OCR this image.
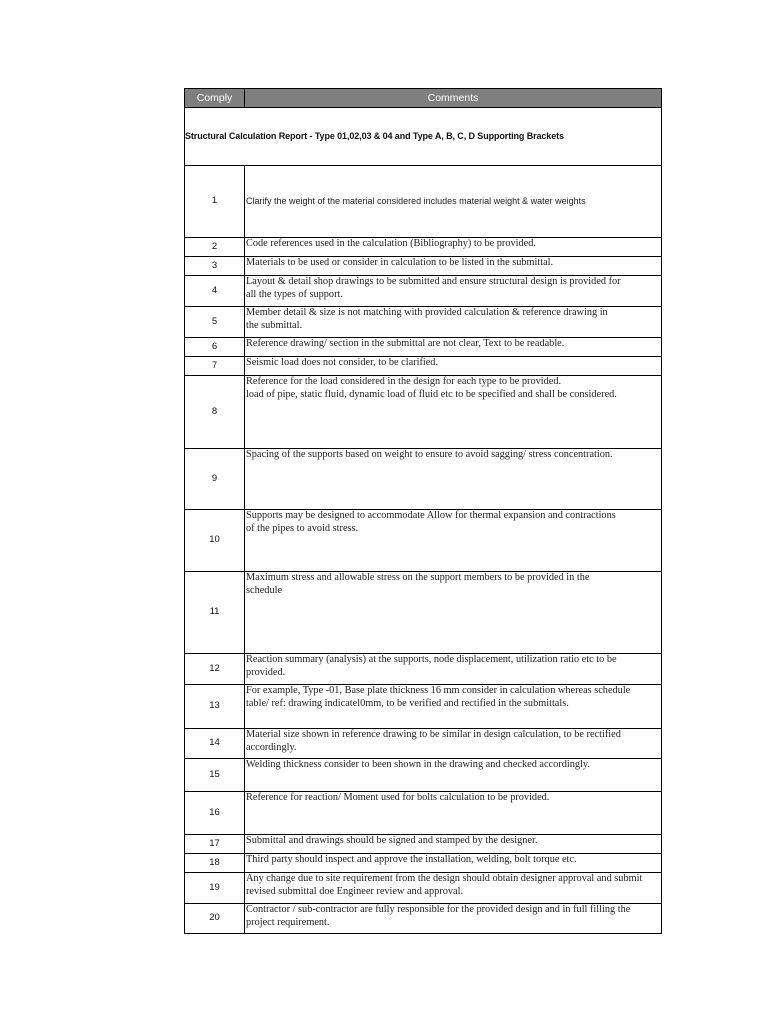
Comply	Comments
Structural Calculation Report - Type 01,02,03 & 04 and Type A, B, C, D Supporting Brackets	
1	Clarify the weight of the material considered includes material weight & water weights

2	Code references used in the calculation (Bibliography) to be provided.

3	Materials to be used or consider in calculation to be listed in the submittal.

4	Layout & detail shop drawings to be submitted and ensure structural design is provided for
all the types of support.

5	Member detail & size is not matching with provided calculation & reference drawing in
the submittal.

6	Reference drawing/ section in the submittal are not clear, Text to be readable.

7	Seismic load does not consider, to be clarified.

8	Reference for the load considered in the design for each type to be provided.
load of pipe, static fluid, dynamic load of fluid etc to be specified and shall be considered.

9	Spacing of the supports based on weight to ensure to avoid sagging/ stress concentration.

10	Supports may be designed to accommodate Allow for thermal expansion and contractions
of the pipes to avoid stress.

11	Maximum stress and allowable stress on the support members to be provided in the
schedule

12	Reaction summary (analysis) at the supports, node displacement, utilization ratio etc to be
provided.

13	For example, Type -01, Base plate thickness 16 mm consider in calculation whereas schedule
table/ ref: drawing indicatel0mm, to be verified and rectified in the submittals.

14	Material size shown in reference drawing to be similar in design calculation, to be rectified
accordingly.

15	Welding thickness consider to been shown in the drawing and checked accordingly.

16	Reference for reaction/ Moment used for bolts calculation to be provided.

17	Submittal and drawings should be signed and stamped by the designer.

18	Third party should inspect and approve the installation, welding, bolt torque etc.

19	Any change due to site requirement from the design should obtain designer approval and submit
revised submittal doe Engineer review and approval.

20	Contractor / sub-contractor are fully responsible for the provided design and in full filling the
project requirement.
